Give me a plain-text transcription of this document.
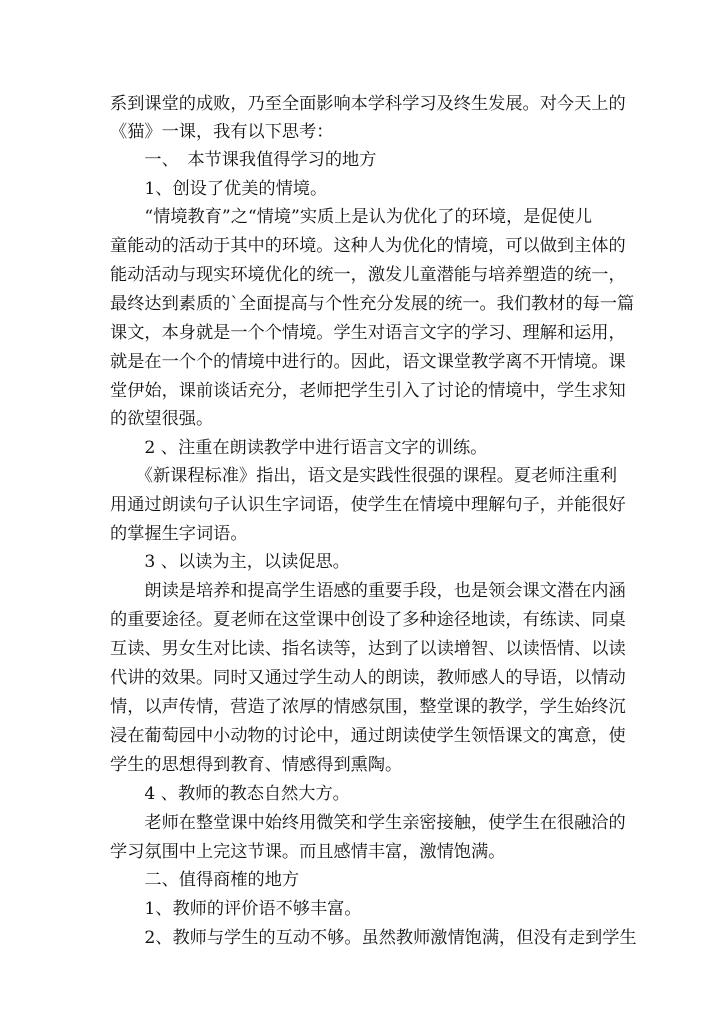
系到课堂的成败，乃至全面影响本学科学习及终生发展。对今天上的
《猫》一课，我有以下思考：
　　一、　本节课我值得学习的地方
　　1、创设了优美的情境。
　　“情境教育”之“情境”实质上是认为优化了的环境，是促使儿
童能动的活动于其中的环境。这种人为优化的情境，可以做到主体的
能动活动与现实环境优化的统一，激发儿童潜能与培养塑造的统一，
最终达到素质的`全面提高与个性充分发展的统一。我们教材的每一篇
课文，本身就是一个个情境。学生对语言文字的学习、理解和运用，
就是在一个个的情境中进行的。因此，语文课堂教学离不开情境。课
堂伊始，课前谈话充分，老师把学生引入了讨论的情境中，学生求知
的欲望很强。
　　2 、注重在朗读教学中进行语言文字的训练。
　　《新课程标准》指出，语文是实践性很强的课程。夏老师注重利
用通过朗读句子认识生字词语，使学生在情境中理解句子，并能很好
的掌握生字词语。
　　3 、以读为主，以读促思。
　　朗读是培养和提高学生语感的重要手段，也是领会课文潜在内涵
的重要途径。夏老师在这堂课中创设了多种途径地读，有练读、同桌
互读、男女生对比读、指名读等，达到了以读增智、以读悟情、以读
代讲的效果。同时又通过学生动人的朗读，教师感人的导语，以情动
情，以声传情，营造了浓厚的情感氛围，整堂课的教学，学生始终沉
浸在葡萄园中小动物的讨论中，通过朗读使学生领悟课文的寓意，使
学生的思想得到教育、情感得到熏陶。
　　4 、教师的教态自然大方。
　　老师在整堂课中始终用微笑和学生亲密接触，使学生在很融洽的
学习氛围中上完这节课。而且感情丰富，激情饱满。
　　二、值得商榷的地方
　　1、教师的评价语不够丰富。
　　2、教师与学生的互动不够。虽然教师激情饱满，但没有走到学生
